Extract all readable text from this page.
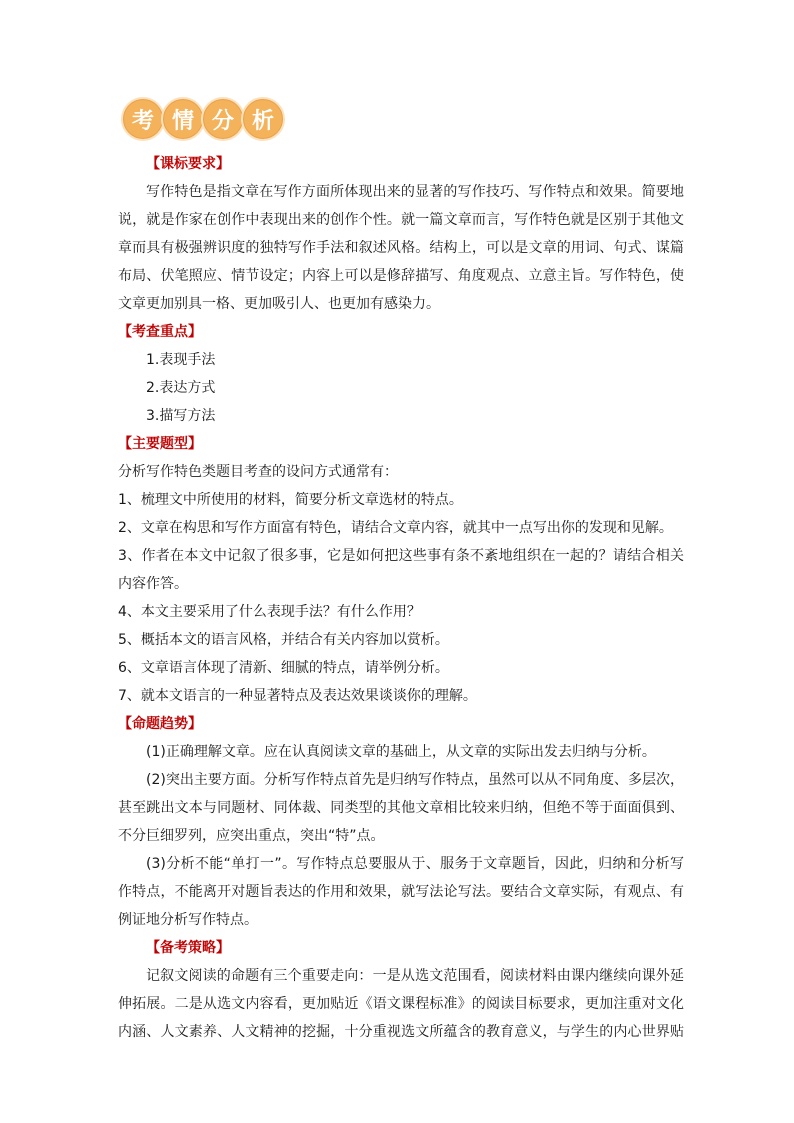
考 情 分 析
【课标要求】
写作特色是指文章在写作方面所体现出来的显著的写作技巧、写作特点和效果。简要地
说，就是作家在创作中表现出来的创作个性。就一篇文章而言，写作特色就是区别于其他文
章而具有极强辨识度的独特写作手法和叙述风格。结构上，可以是文章的用词、句式、谋篇
布局、伏笔照应、情节设定；内容上可以是修辞描写、角度观点、立意主旨。写作特色，使
文章更加别具一格、更加吸引人、也更加有感染力。
【考查重点】
1.表现手法
2.表达方式
3.描写方法
【主要题型】
分析写作特色类题目考查的设问方式通常有：
1、梳理文中所使用的材料，简要分析文章选材的特点。
2、文章在构思和写作方面富有特色，请结合文章内容，就其中一点写出你的发现和见解。
3、作者在本文中记叙了很多事，它是如何把这些事有条不紊地组织在一起的？请结合相关
内容作答。
4、本文主要采用了什么表现手法？有什么作用？
5、概括本文的语言风格，并结合有关内容加以赏析。
6、文章语言体现了清新、细腻的特点，请举例分析。
7、就本文语言的一种显著特点及表达效果谈谈你的理解。
【命题趋势】
(1)正确理解文章。应在认真阅读文章的基础上，从文章的实际出发去归纳与分析。
(2)突出主要方面。分析写作特点首先是归纳写作特点，虽然可以从不同角度、多层次，
甚至跳出文本与同题材、同体裁、同类型的其他文章相比较来归纳，但绝不等于面面俱到、
不分巨细罗列，应突出重点，突出“特”点。
(3)分析不能“单打一”。写作特点总要服从于、服务于文章题旨，因此，归纳和分析写
作特点，不能离开对题旨表达的作用和效果，就写法论写法。要结合文章实际，有观点、有
例证地分析写作特点。
【备考策略】
记叙文阅读的命题有三个重要走向：一是从选文范围看，阅读材料由课内继续向课外延
伸拓展。二是从选文内容看，更加贴近《语文课程标准》的阅读目标要求，更加注重对文化
内涵、人文素养、人文精神的挖掘，十分重视选文所蕴含的教育意义，与学生的内心世界贴
